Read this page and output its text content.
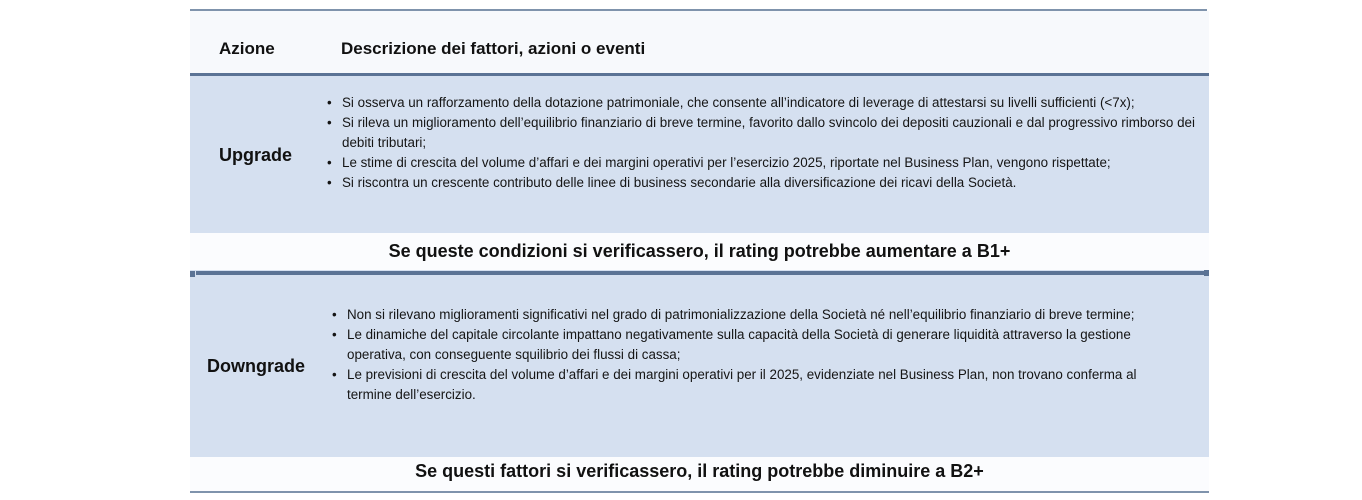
Azione	Descrizione dei fattori, azioni o eventi
Upgrade
• Si osserva un rafforzamento della dotazione patrimoniale, che consente all’indicatore di leverage di attestarsi su livelli sufficienti (<7x);
• Si rileva un miglioramento dell’equilibrio finanziario di breve termine, favorito dallo svincolo dei depositi cauzionali e dal progressivo rimborso dei debiti tributari;
• Le stime di crescita del volume d’affari e dei margini operativi per l’esercizio 2025, riportate nel Business Plan, vengono rispettate;
• Si riscontra un crescente contributo delle linee di business secondarie alla diversificazione dei ricavi della Società.
Se queste condizioni si verificassero, il rating potrebbe aumentare a B1+
Downgrade
• Non si rilevano miglioramenti significativi nel grado di patrimonializzazione della Società né nell’equilibrio finanziario di breve termine;
• Le dinamiche del capitale circolante impattano negativamente sulla capacità della Società di generare liquidità attraverso la gestione operativa, con conseguente squilibrio dei flussi di cassa;
• Le previsioni di crescita del volume d’affari e dei margini operativi per il 2025, evidenziate nel Business Plan, non trovano conferma al termine dell’esercizio.
Se questi fattori si verificassero, il rating potrebbe diminuire a B2+
